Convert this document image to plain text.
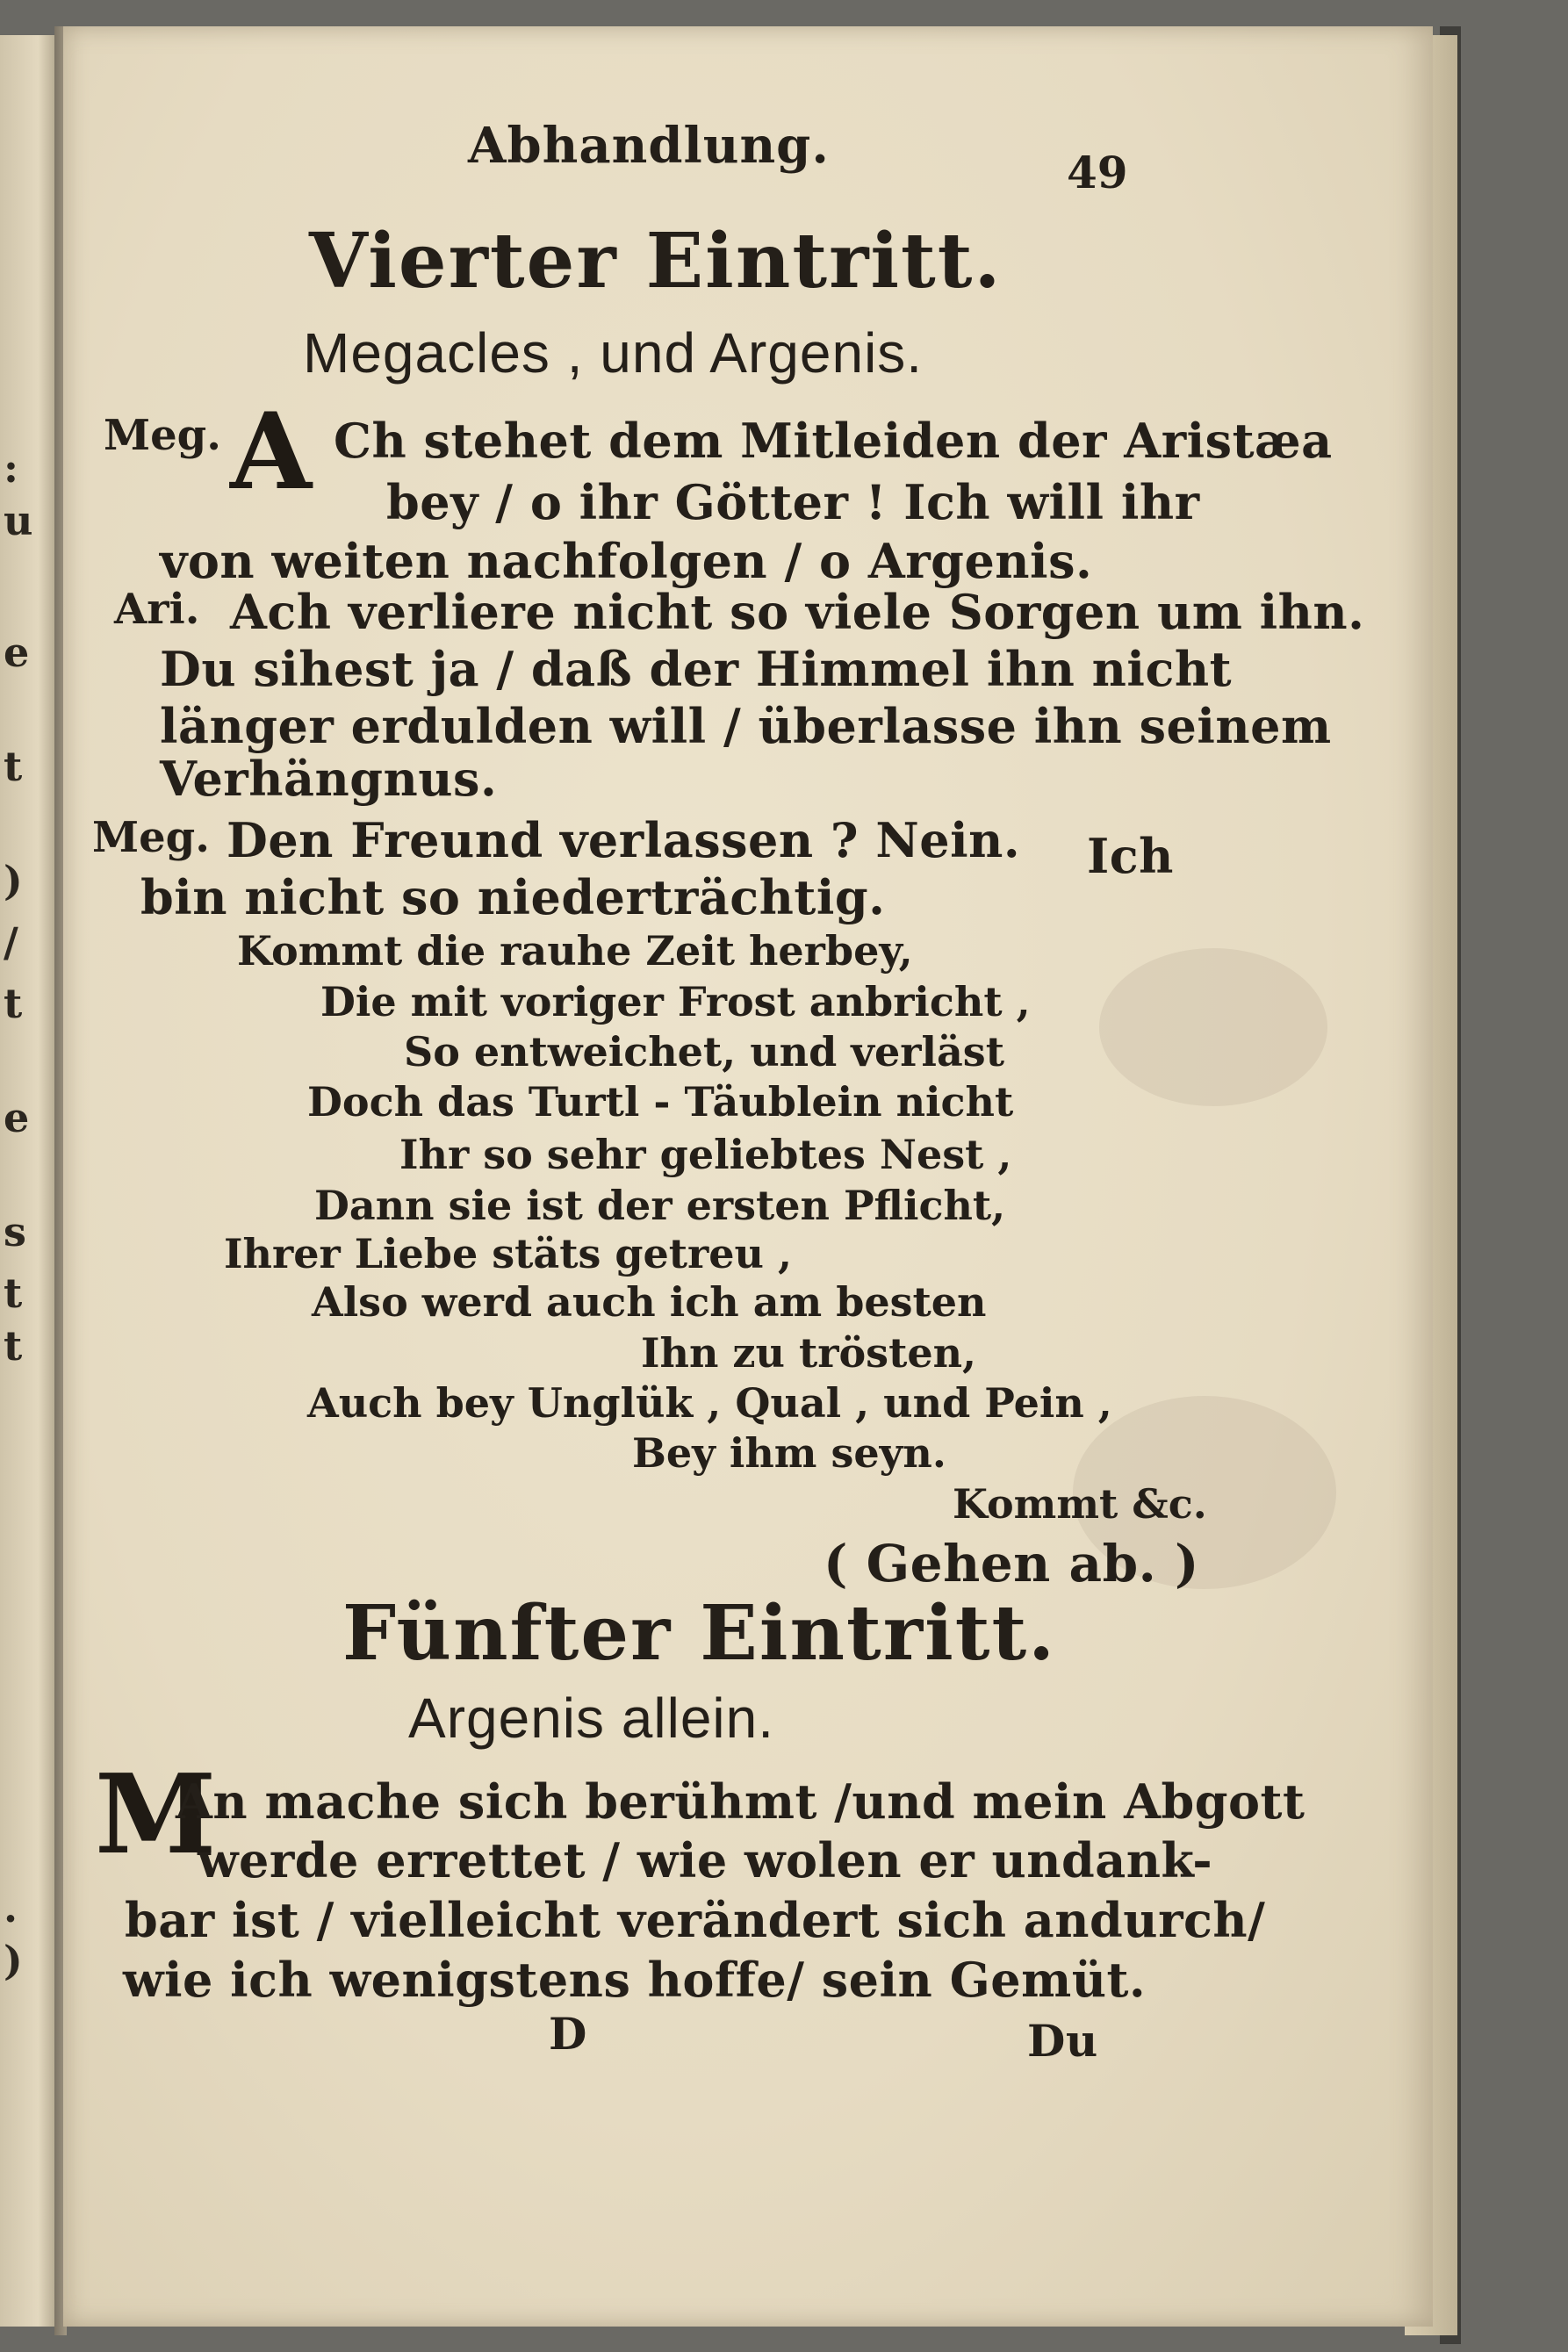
:
u
e
t
)
/
t
e
s
t
t
.
)
Abhandlung.	49
Vierter Eintritt.
Megacles , und Argenis.
Meg. A Ch stehet dem Mitleiden der Aristæa
bey / o ihr Götter ! Ich will ihr
von weiten nachfolgen / o Argenis.
Ari. Ach verliere nicht so viele Sorgen um ihn.
Du sihest ja / daß der Himmel ihn nicht
länger erdulden will / überlasse ihn seinem
Verhängnus.
Meg. Den Freund verlassen ? Nein. Ich
bin nicht so niederträchtig.
Kommt die rauhe Zeit herbey,
Die mit voriger Frost anbricht ,
So entweichet, und verläst
Doch das Turtl - Täublein nicht
Ihr so sehr geliebtes Nest ,
Dann sie ist der ersten Pflicht,
Ihrer Liebe stäts getreu ,
Also werd auch ich am besten
Ihn zu trösten,
Auch bey Unglük , Qual , und Pein ,
Bey ihm seyn.
Kommt &c.
( Gehen ab. )
Fünfter Eintritt.
Argenis allein.
M
An mache sich berühmt /und mein Abgott
werde errettet / wie wolen er undank-
bar ist / vielleicht verändert sich andurch/
wie ich wenigstens hoffe/ sein Gemüt.
D	Du
